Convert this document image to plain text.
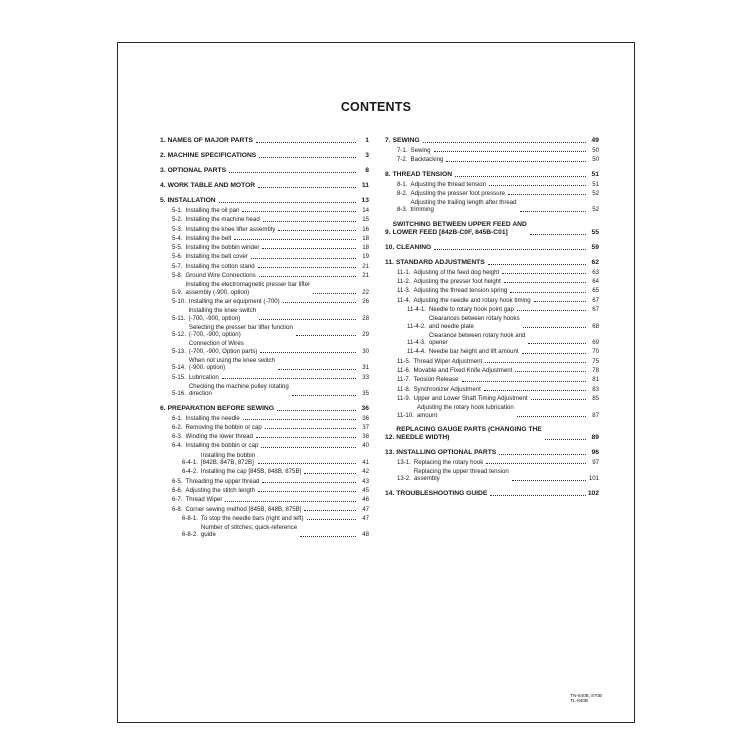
CONTENTS
1. NAMES OF MAJOR PARTS	1
2. MACHINE SPECIFICATIONS	3
3. OPTIONAL PARTS	8
4. WORK TABLE AND MOTOR	11
5. INSTALLATION	13
5-1. Installing the oil pan	14
5-2. Installing the machine head	15
5-3. Installing the knee lifter assembly	16
5-4. Installing the belt	18
5-5. Installing the bobbin winder	18
5-6. Installing the belt cover	19
5-7. Installing the cotton stand	21
5-8. Ground Wire Connections	21
5-9.
Installing the electromagnetic presser bar lifter
assembly (-900, option)	22
5-10. Installing the air equipment (-700)	26
5-11.
Installing the knee switch
(-700, -900, option)	28
5-12.
Selecting the presser bar lifter function
(-700, -900, option)	29
5-13.
Connection of Wires
(-700, -900, Option parts)	30
5-14.
When not using the knee switch
(-900, option)	31
5-15. Lubrication	33
5-16.
Checking the machine pulley rotating
direction	35
6. PREPARATION BEFORE SEWING	36
6-1. Installing the needle	36
6-2. Removing the bobbin or cap	37
6-3. Winding the lower thread	38
6-4. Installing the bobbin or cap	40
6-4-1.
Installing the bobbin
[842B, 847B, 872B]	41
6-4-2. Installing the cap [845B, 848B, 875B]	42
6-5. Threading the upper thread	43
6-6. Adjusting the stitch length	45
6-7. Thread Wiper	46
6-8. Corner sewing method [845B, 848B, 875B]	47
6-8-1. To stop the needle bars (right and left)	47
6-8-2.
Number of stitches; quick-reference
guide	48
7. SEWING	49
7-1. Sewing	50
7-2. Backtacking	50
8. THREAD TENSION	51
8-1. Adjusting the thread tension	51
8-2. Adjusting the presser foot pressure	52
8-3.
Adjusting the trailing length after thread
trimming	52
9.
SWITCHING BETWEEN UPPER FEED AND
LOWER FEED [842B-C0F, 845B-C01]	55
10. CLEANING	59
11. STANDARD ADJUSTMENTS	62
11-1. Adjusting of the feed dog height	63
11-2. Adjusting the presser foot height	64
11-3. Adjusting the thread tension spring	65
11-4. Adjusting the needle and rotary hook timing	67
11-4-1. Needle to rotary hook point gap	67
11-4-2.
Clearances between rotary hooks
and needle plate	68
11-4-3.
Clearance between rotary hook and
opener	69
11-4-4. Needle bar height and lift amount	70
11-5. Thread Wiper Adjustment	75
11-6. Movable and Fixed Knife Adjustment	78
11-7. Tension Release	81
11-8. Synchronizer Adjustment	83
11-9. Upper and Lower Shaft Timing Adjustment	85
11-10.
Adjusting the rotary hook lubrication
amount	87
12.
REPLACING GAUGE PARTS (CHANGING THE
NEEDLE WIDTH)	89
13. INSTALLING OPTIONAL PARTS	96
13-1. Replacing the rotary hook	97
13-2.
Replacing the upper thread tension
assembly	101
14. TROUBLESHOOTING GUIDE	102
TN-840B, 870B
TL-840B
